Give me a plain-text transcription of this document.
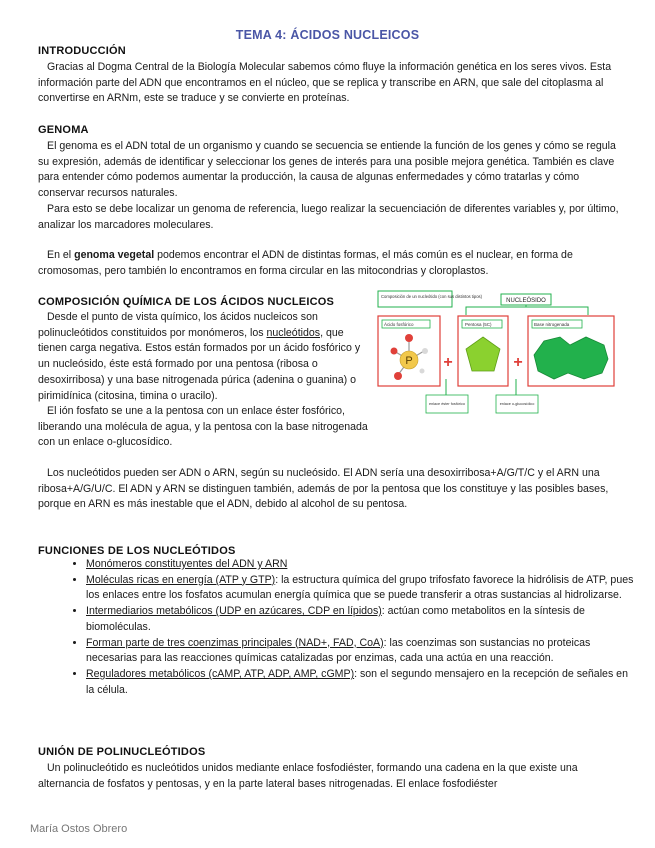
TEMA 4: ÁCIDOS NUCLEICOS
INTRODUCCIÓN

Gracias al Dogma Central de la Biología Molecular sabemos cómo fluye la información genética en los seres vivos. Esta información parte del ADN que encontramos en el núcleo, que se replica y transcribe en ARN, que sale del citoplasma al convertirse en ARNm, este se traduce y se convierte en proteínas.

GENOMA

El genoma es el ADN total de un organismo y cuando se secuencia se entiende la función de los genes y cómo se regula su expresión, además de identificar y seleccionar los genes de interés para una posible mejora genética. También es clave para entender cómo podemos aumentar la producción, la causa de algunas enfermedades y cómo tratarlas y cómo conservar recursos naturales.

Para esto se debe localizar un genoma de referencia, luego realizar la secuenciación de diferentes variables y, por último, analizar los marcadores moleculares.

En el genoma vegetal podemos encontrar el ADN de distintas formas, el más común es el nuclear, en forma de cromosomas, pero también lo encontramos en forma circular en las mitocondrias y cloroplastos.

COMPOSICIÓN QUÍMICA DE LOS ÁCIDOS NUCLEICOS

Desde el punto de vista químico, los ácidos nucleicos son polinucleótidos constituidos por monómeros, los nucleótidos, que tienen carga negativa. Estos están formados por un ácido fosfórico y un nucleósido, éste está formado por una pentosa (ribosa o desoxirribosa) y una base nitrogenada púrica (adenina o guanina) o pirimidínica (citosina, timina o uracilo).

El ión fosfato se une a la pentosa con un enlace éster fosfórico, liberando una molécula de agua, y la pentosa con la base nitrogenada con un enlace o-glucosídico.

Composición de un nucleótido (con sus distintos tipos)
NUCLEÓSIDO
Ácido fosfórico
P +
Pentosa (5C)
+
Base nitrogenada
enlace éster fosfórico	enlace o-glucosídico

Los nucleótidos pueden ser ADN o ARN, según su nucleósido. El ADN sería una desoxirribosa+A/G/T/C y el ARN una ribosa+A/G/U/C. El ADN y ARN se distinguen también, además de por la pentosa que los constituye y las posibles bases, porque en ARN es más inestable que el ADN, debido al alcohol de su pentosa.

FUNCIONES DE LOS NUCLEÓTIDOS
• Monómeros constituyentes del ADN y ARN
• Moléculas ricas en energía (ATP y GTP): la estructura química del grupo trifosfato favorece la hidrólisis de ATP, pues los enlaces entre los fosfatos acumulan energía química que se puede transferir a otras sustancias al hidrolizarse.
• Intermediarios metabólicos (UDP en azúcares, CDP en lípidos): actúan como metabolitos en la síntesis de biomoléculas.
• Forman parte de tres coenzimas principales (NAD+, FAD, CoA): las coenzimas son sustancias no proteicas necesarias para las reacciones químicas catalizadas por enzimas, cada una actúa en una reacción.
• Reguladores metabólicos (cAMP, ATP, ADP, AMP, cGMP): son el segundo mensajero en la recepción de señales en la célula.
UNIÓN DE POLINUCLEÓTIDOS

Un polinucleótido es nucleótidos unidos mediante enlace fosfodiéster, formando una cadena en la que existe una alternancia de fosfatos y pentosas, y en la parte lateral bases nitrogenadas. El enlace fosfodiéster

María Ostos Obrero
